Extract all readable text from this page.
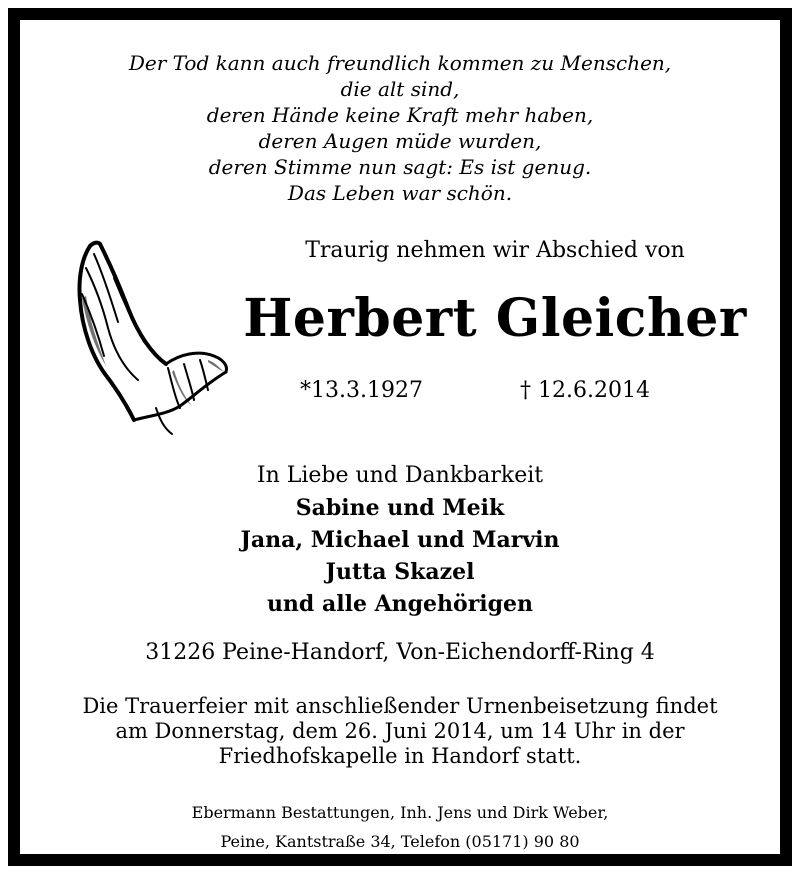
Der Tod kann auch freundlich kommen zu Menschen,
die alt sind,
deren Hände keine Kraft mehr haben,
deren Augen müde wurden,
deren Stimme nun sagt: Es ist genug.
Das Leben war schön.
Traurig nehmen wir Abschied von
Herbert Gleicher
*13.3.1927	† 12.6.2014
In Liebe und Dankbarkeit
Sabine und Meik
Jana, Michael und Marvin
Jutta Skazel
und alle Angehörigen
31226 Peine-Handorf, Von-Eichendorff-Ring 4
Die Trauerfeier mit anschließender Urnenbeisetzung findet
am Donnerstag, dem 26. Juni 2014, um 14 Uhr in der
Friedhofskapelle in Handorf statt.
Ebermann Bestattungen, Inh. Jens und Dirk Weber,
Peine, Kantstraße 34, Telefon (05171) 90 80
